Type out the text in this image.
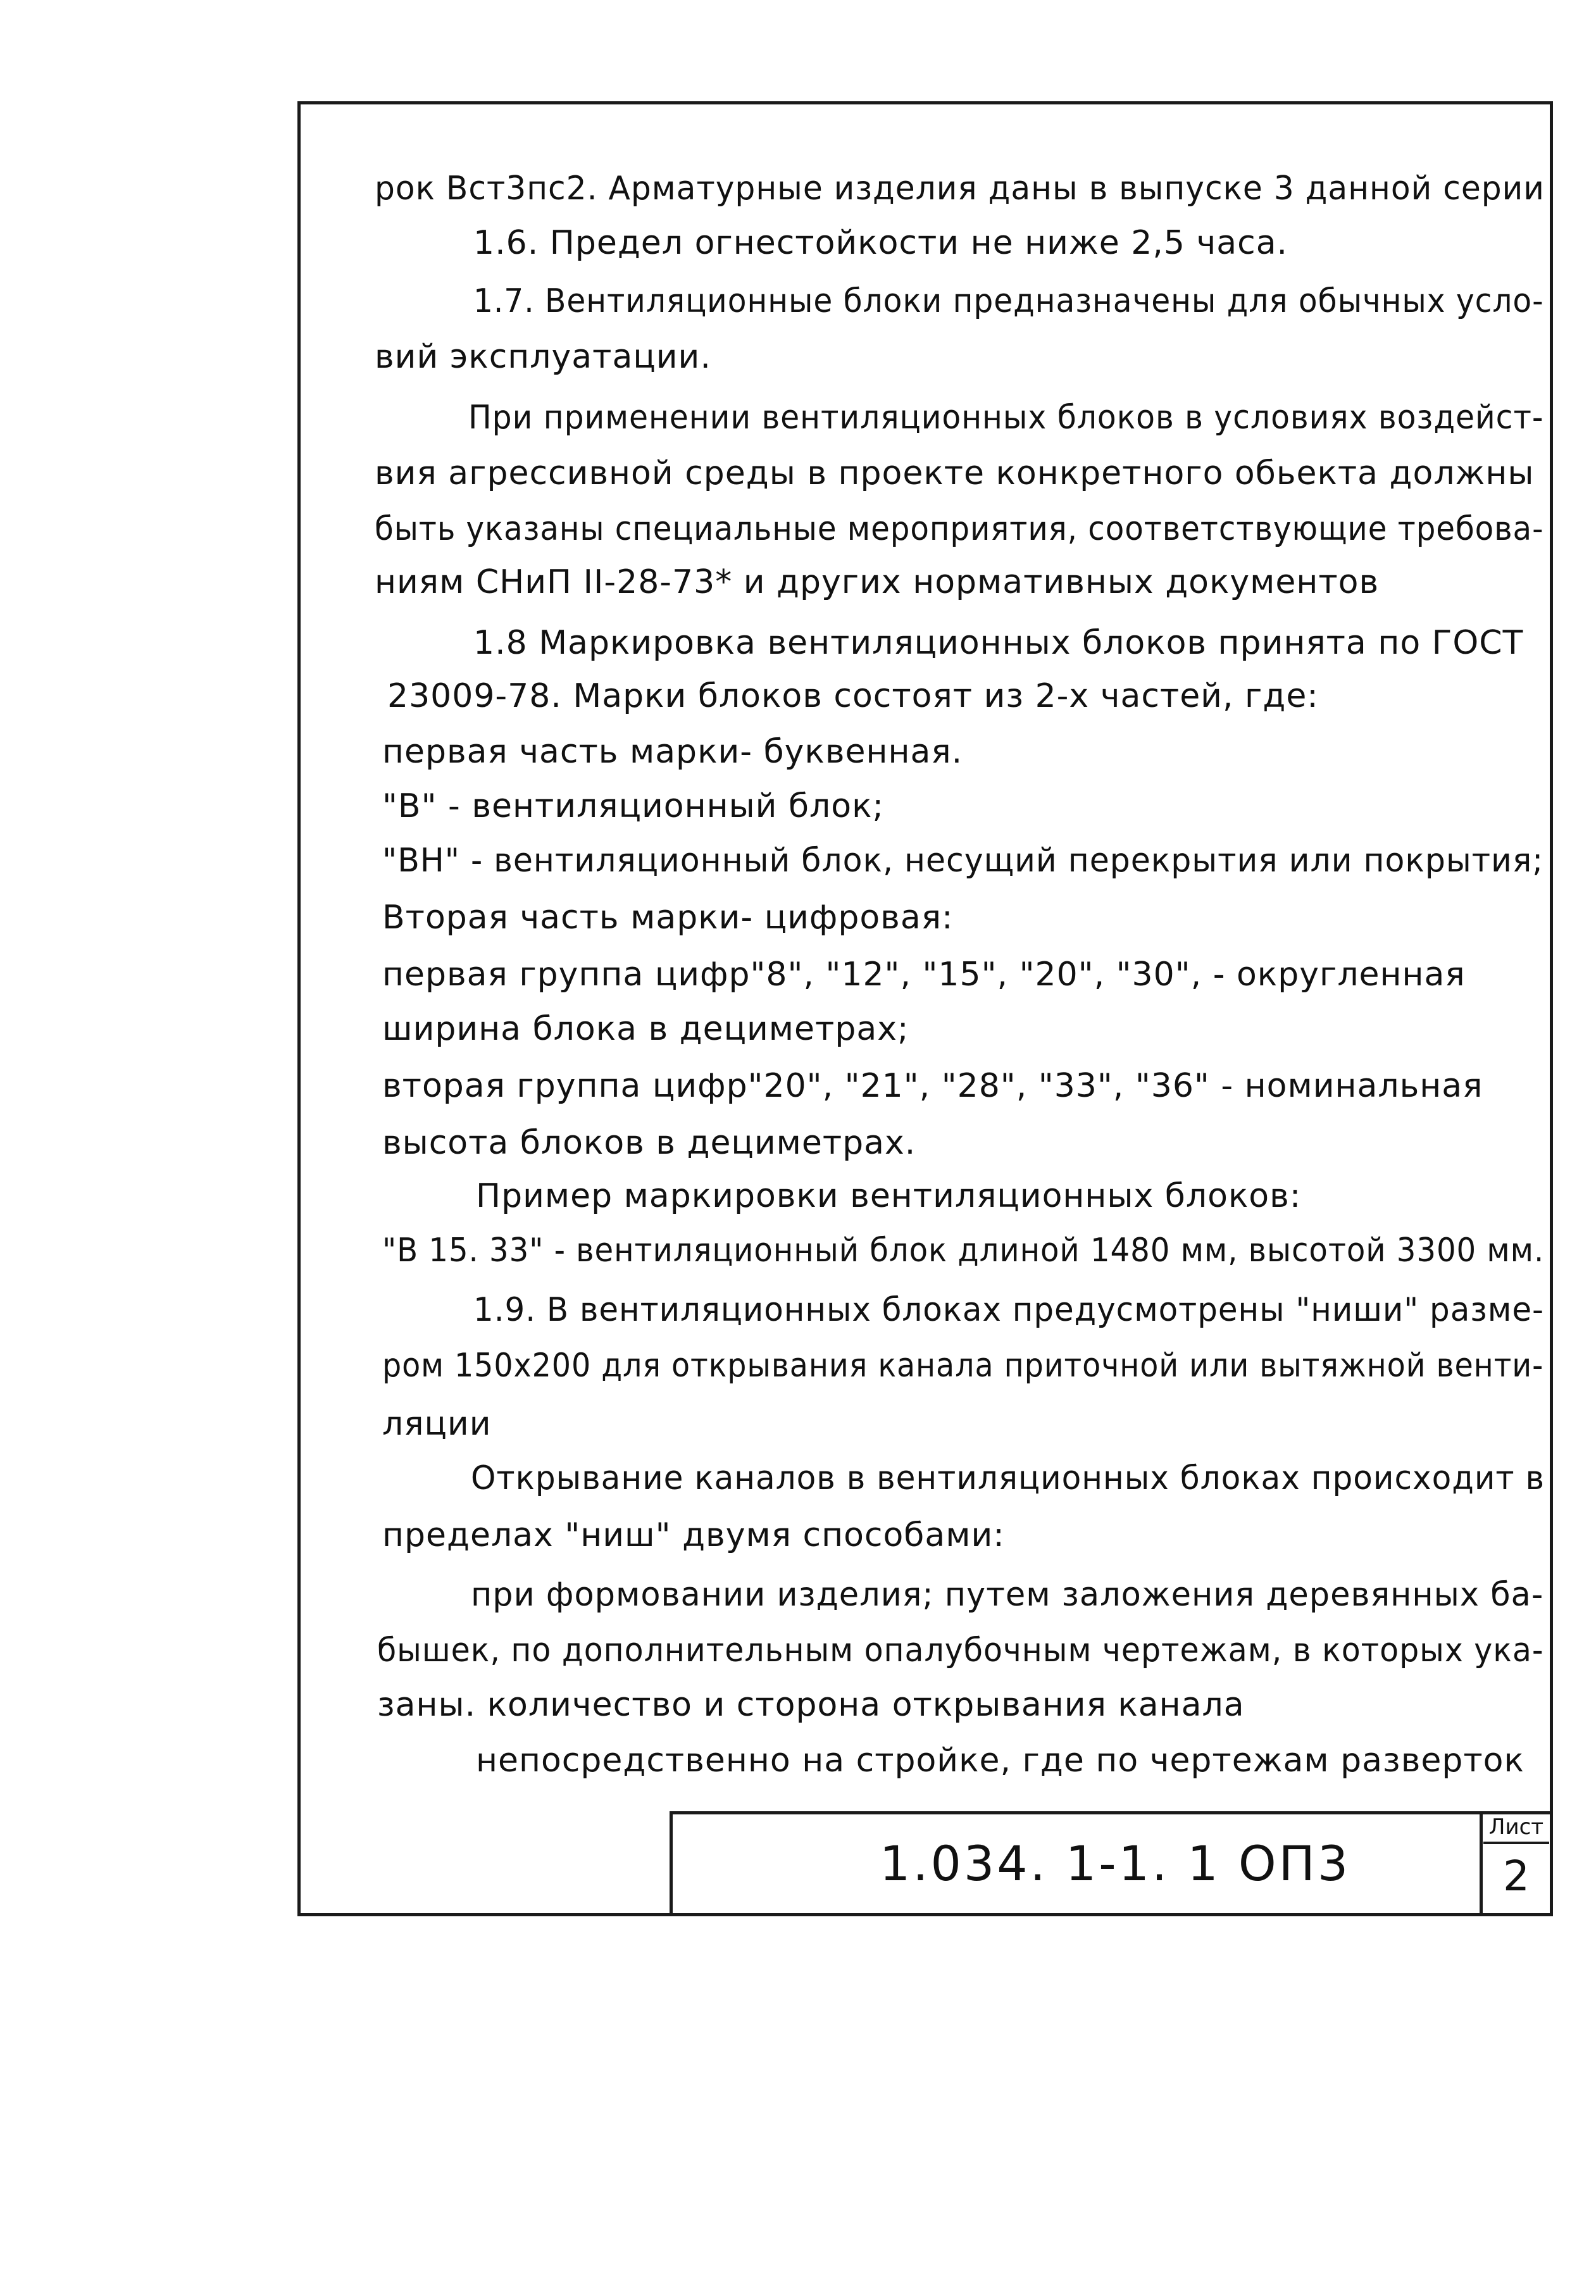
рок Вст3пс2. Арматурные изделия даны в выпуске 3 данной серии
1.6. Предел огнестойкости не ниже 2,5 часа.
1.7. Вентиляционные блоки предназначены для обычных усло-
вий эксплуатации.
При применении вентиляционных блоков в условиях воздейст-
вия агрессивной среды в проекте конкретного обьекта должны
быть указаны специальные мероприятия, соответствующие требова-
ниям СНиП II-28-73* и других нормативных документов
1.8 Маркировка вентиляционных блоков принята по ГОСТ
23009-78. Марки блоков состоят из 2-х частей, где:
первая часть марки- буквенная.
"В" - вентиляционный блок;
"ВН" - вентиляционный блок, несущий перекрытия или покрытия;
Вторая часть марки- цифровая:
первая группа цифр"8", "12", "15", "20", "30", - округленная
ширина блока в дециметрах;
вторая группа цифр"20", "21", "28", "33", "36" - номинальная
высота блоков в дециметрах.
Пример маркировки вентиляционных блоков:
"В 15. 33" - вентиляционный блок длиной 1480 мм, высотой 3300 мм.
1.9. В вентиляционных блоках предусмотрены "ниши" разме-
ром 150х200 для открывания канала приточной или вытяжной венти-
ляции
Открывание каналов в вентиляционных блоках происходит в
пределах "ниш" двумя способами:
при формовании изделия; путем заложения деревянных ба-
бышек, по дополнительным опалубочным чертежам, в которых ука-
заны. количество и сторона открывания канала
непосредственно на стройке, где по чертежам разверток
1.034. 1-1. 1 ОП3
Лист
2
